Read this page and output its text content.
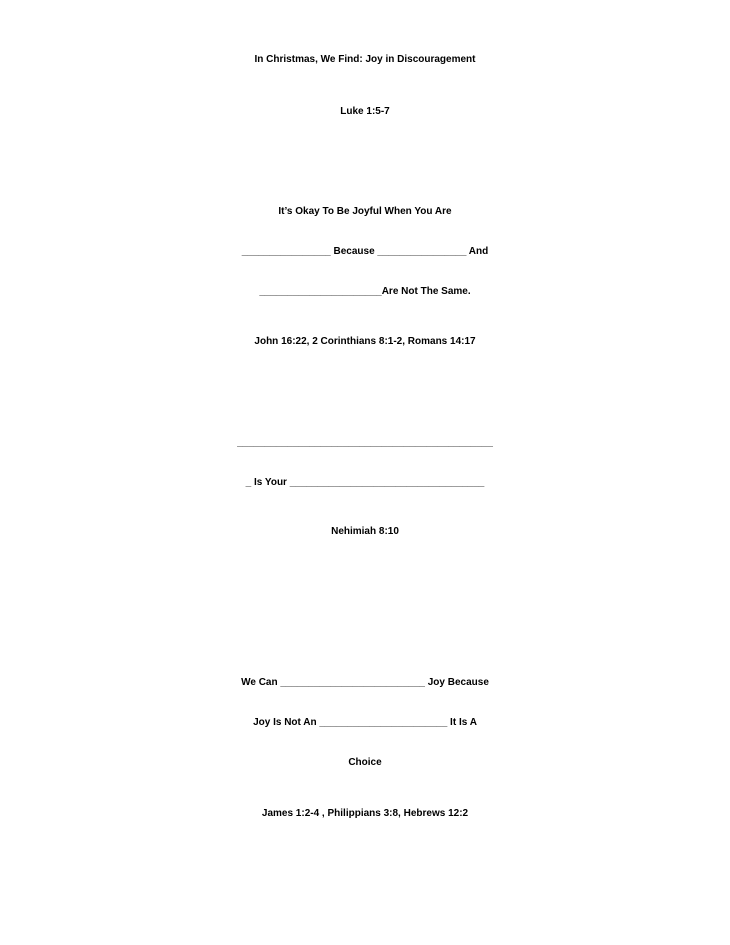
In Christmas, We Find: Joy in Discouragement
Luke 1:5-7
It’s Okay To Be Joyful When You Are
________________ Because ________________ And
______________________Are Not The Same.
John 16:22, 2 Corinthians 8:1-2, Romans 14:17
______________________________________________
_ Is Your ___________________________________
Nehimiah 8:10
We Can __________________________ Joy Because
Joy Is Not An _______________________ It Is A
Choice
James 1:2-4 , Philippians 3:8, Hebrews 12:2
